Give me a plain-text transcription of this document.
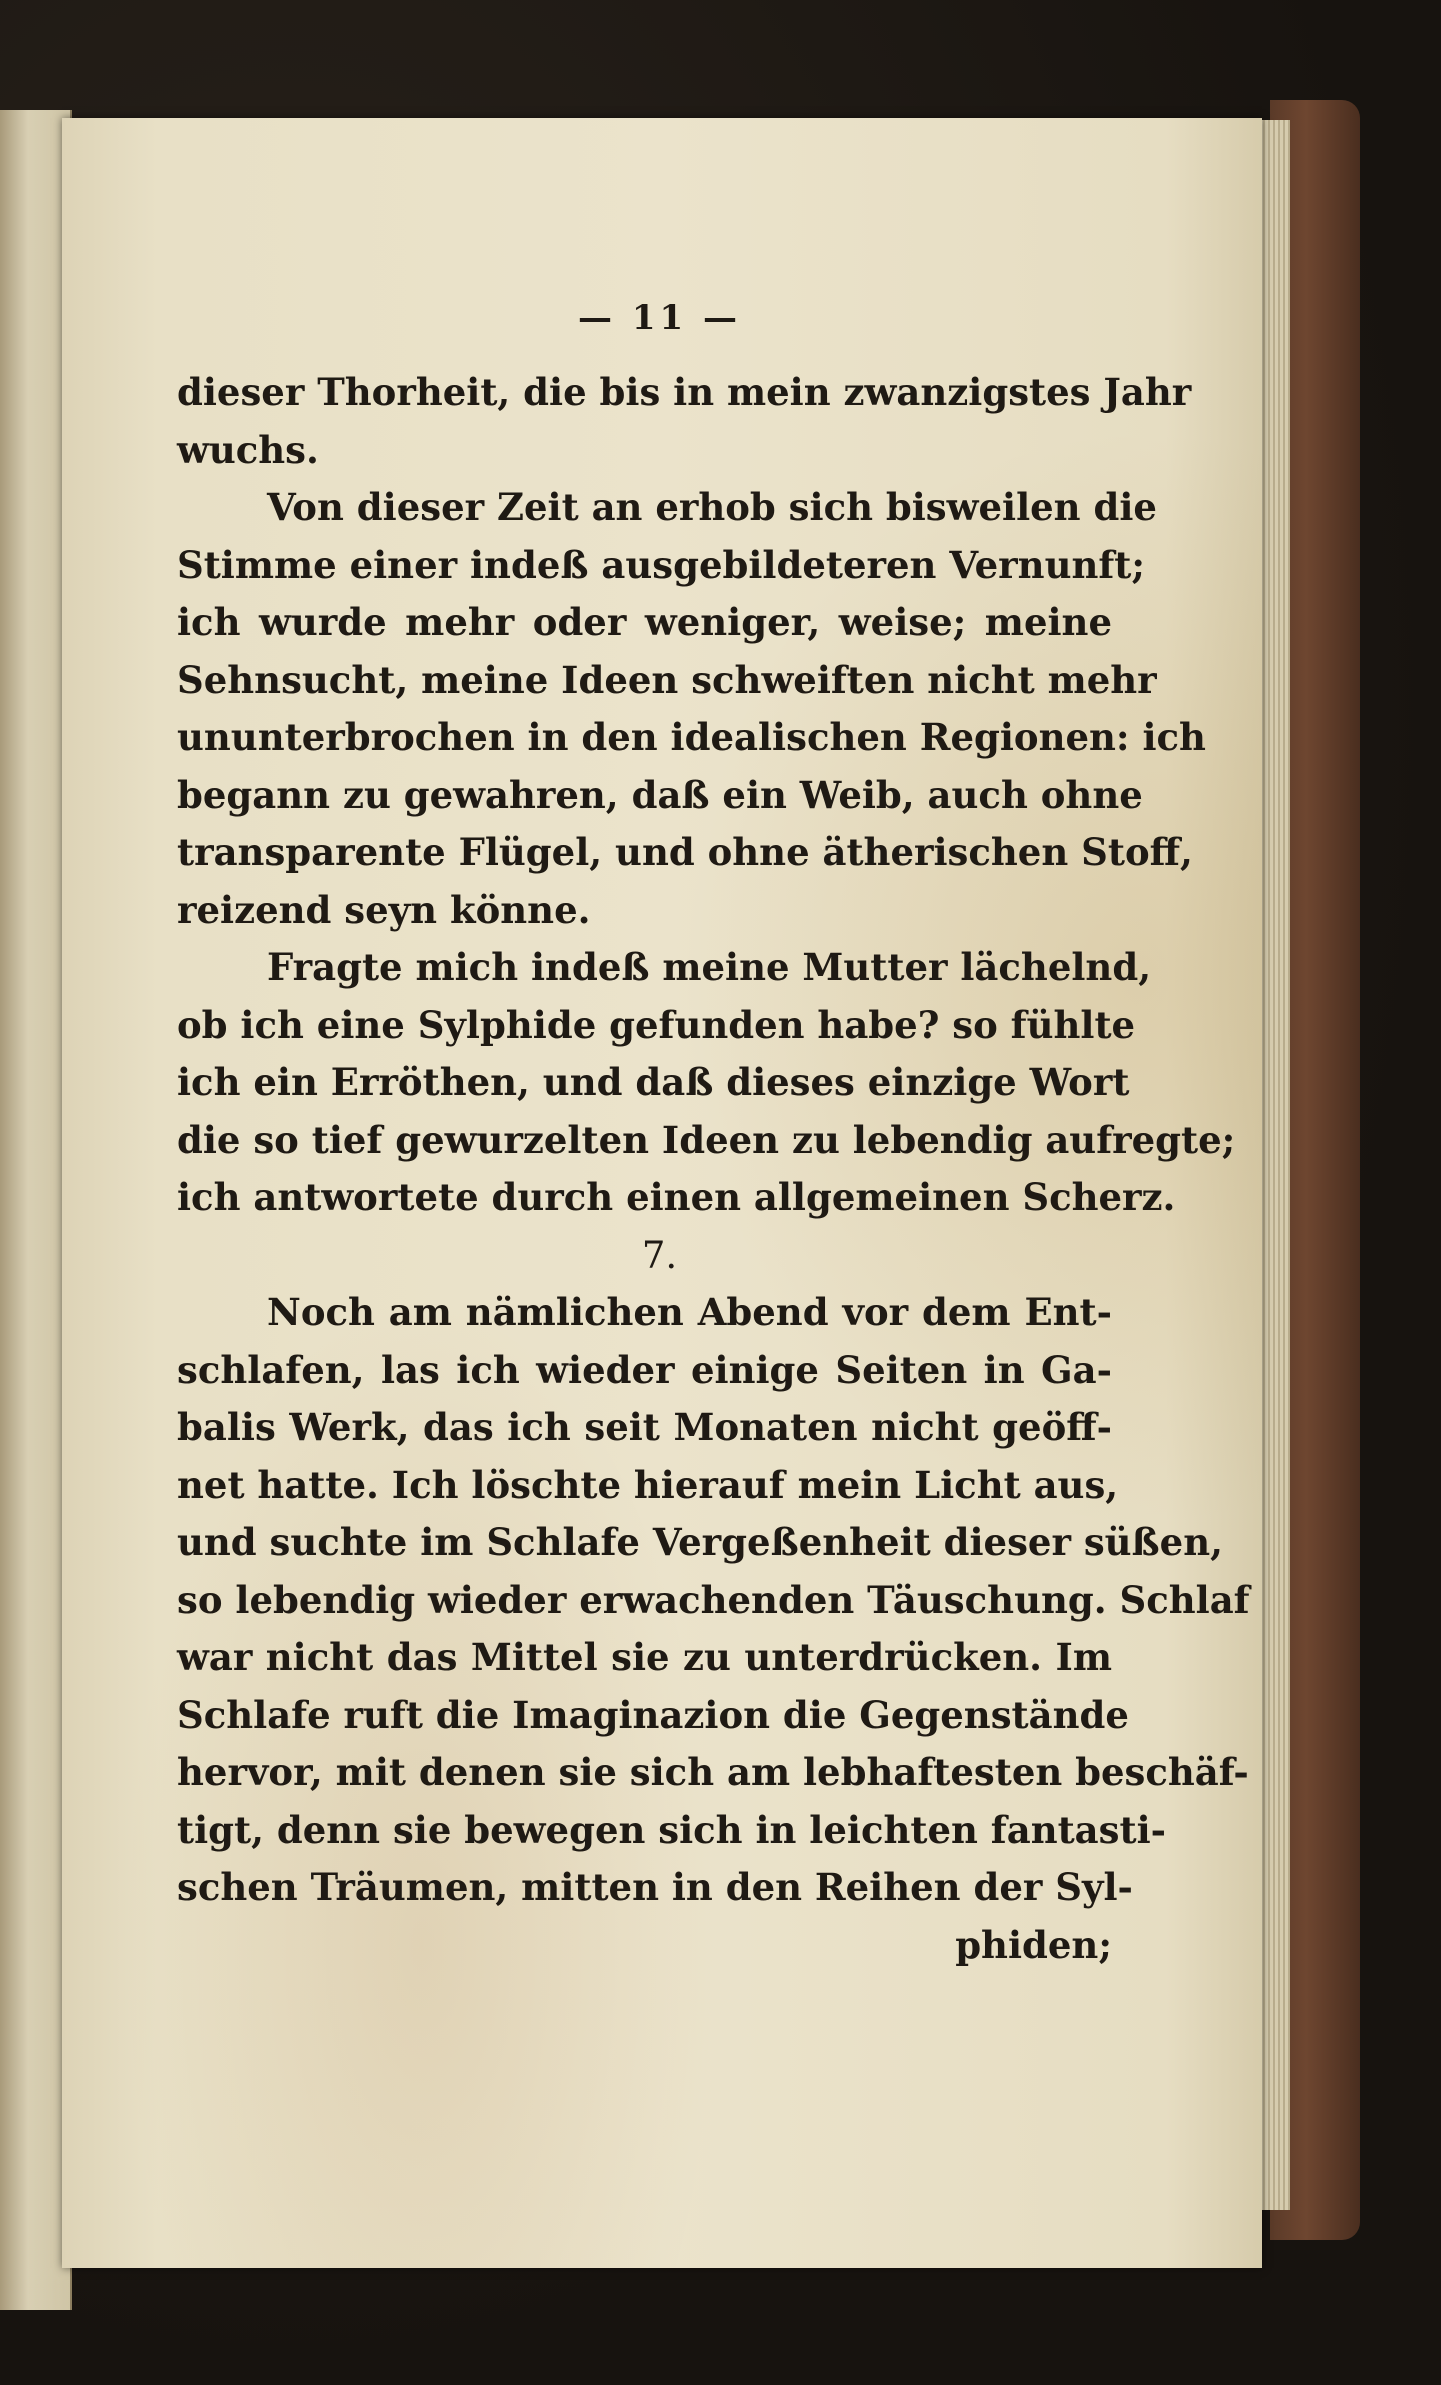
— 11 —
dieser Thorheit, die bis in mein zwanzigstes Jahr
wuchs.
Von dieser Zeit an erhob sich bisweilen die
Stimme einer indeß ausgebildeteren Vernunft;
ich wurde mehr oder weniger, weise; meine
Sehnsucht, meine Ideen schweiften nicht mehr
ununterbrochen in den idealischen Regionen: ich
begann zu gewahren, daß ein Weib, auch ohne
transparente Flügel, und ohne ätherischen Stoff,
reizend seyn könne.
Fragte mich indeß meine Mutter lächelnd,
ob ich eine Sylphide gefunden habe? so fühlte
ich ein Erröthen, und daß dieses einzige Wort
die so tief gewurzelten Ideen zu lebendig aufregte;
ich antwortete durch einen allgemeinen Scherz.
7.
Noch am nämlichen Abend vor dem Ent-
schlafen, las ich wieder einige Seiten in Ga-
balis Werk, das ich seit Monaten nicht geöff-
net hatte. Ich löschte hierauf mein Licht aus,
und suchte im Schlafe Vergeßenheit dieser süßen,
so lebendig wieder erwachenden Täuschung. Schlaf
war nicht das Mittel sie zu unterdrücken. Im
Schlafe ruft die Imaginazion die Gegenstände
hervor, mit denen sie sich am lebhaftesten beschäf-
tigt, denn sie bewegen sich in leichten fantasti-
schen Träumen, mitten in den Reihen der Syl-
phiden;
